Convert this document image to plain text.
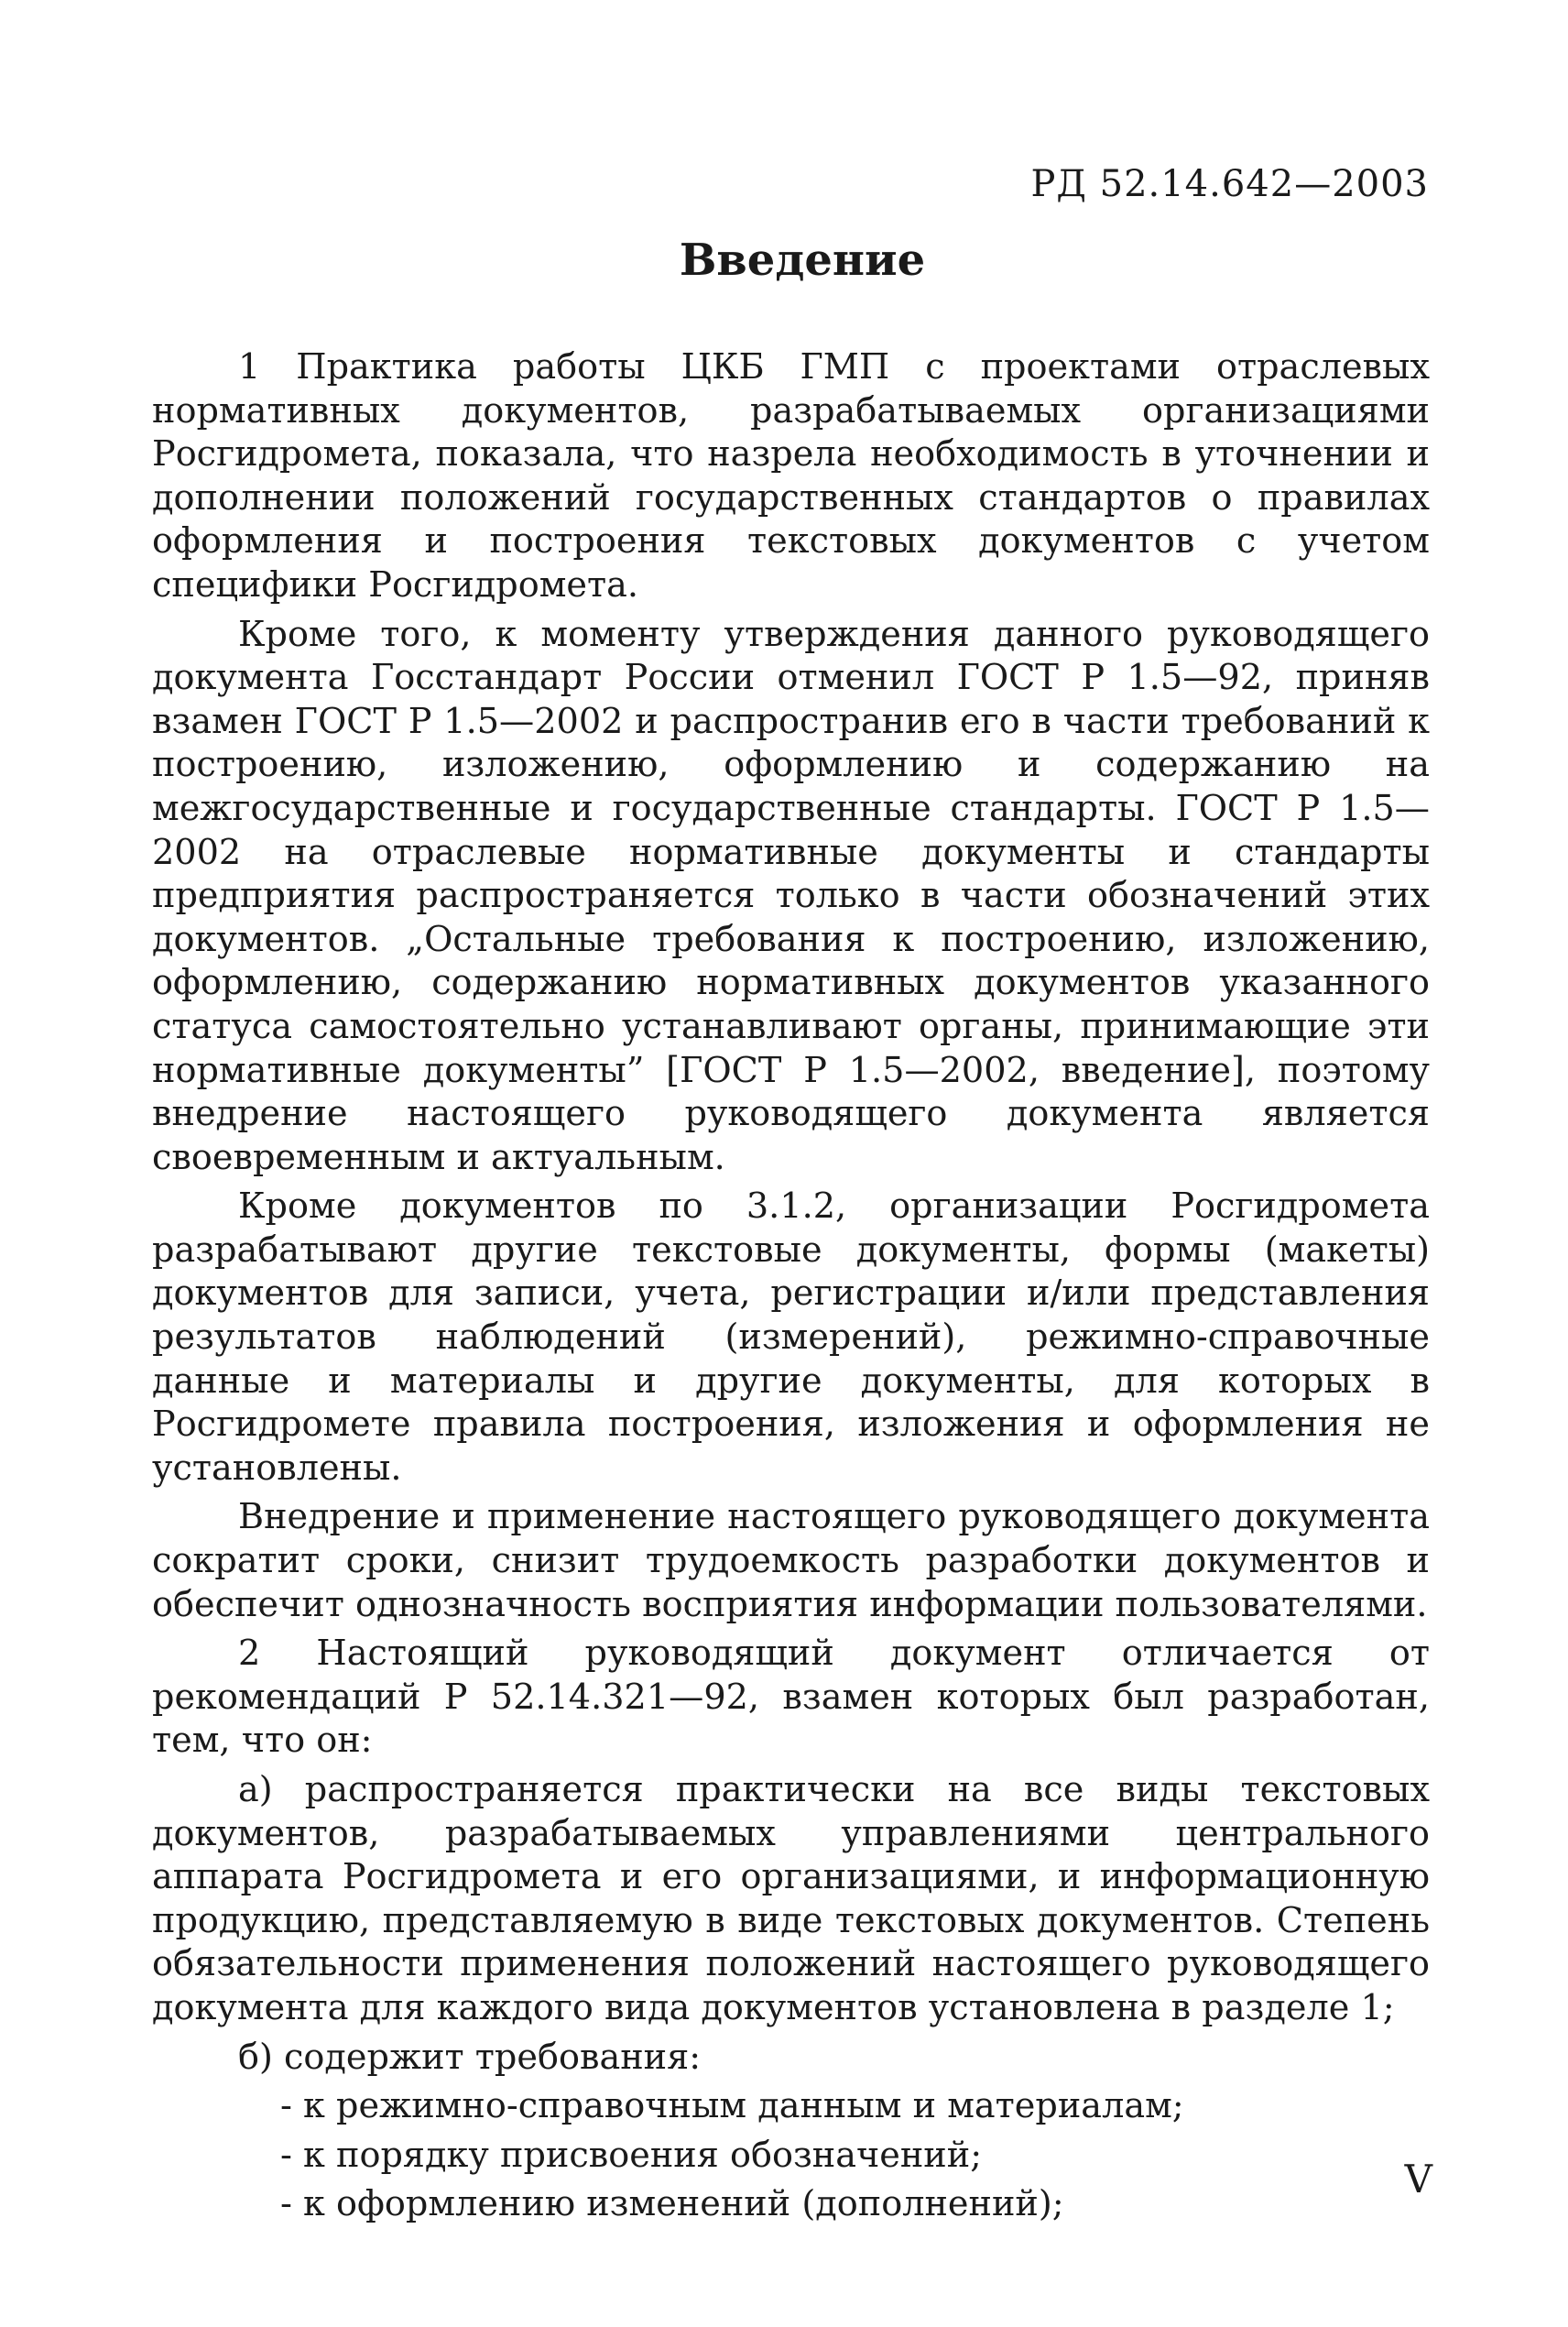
РД 52.14.642—2003
Введение

1 Практика работы ЦКБ ГМП с проектами отраслевых нормативных документов, разрабатываемых организациями Росгидромета, показала, что назрела необходимость в уточнении и дополнении положений государственных стандартов о правилах оформления и построения текстовых документов с учетом специфики Росгидромета.

Кроме того, к моменту утверждения данного руководящего документа Госстандарт России отменил ГОСТ Р 1.5—92, приняв взамен ГОСТ Р 1.5—2002 и распространив его в части требований к построению, изложению, оформлению и содержанию на межгосударственные и государственные стандарты. ГОСТ Р 1.5—2002 на отраслевые нормативные документы и стандарты предприятия распространяется только в части обозначений этих документов. „Остальные требования к построению, изложению, оформлению, содержанию нормативных документов указанного статуса самостоятельно устанавливают органы, принимающие эти нормативные документы” [ГОСТ Р 1.5—2002, введение], поэтому внедрение настоящего руководящего документа является своевременным и актуальным.

Кроме документов по 3.1.2, организации Росгидромета разрабатывают другие текстовые документы, формы (макеты) документов для записи, учета, регистрации и/или представления результатов наблюдений (измерений), режимно-справочные данные и материалы и другие документы, для которых в Росгидромете правила построения, изложения и оформления не установлены.

Внедрение и применение настоящего руководящего документа сократит сроки, снизит трудоемкость разработки документов и обеспечит однозначность восприятия информации пользователями.

2 Настоящий руководящий документ отличается от рекомендаций Р 52.14.321—92, взамен которых был разработан, тем, что он:

а) распространяется практически на все виды текстовых документов, разрабатываемых управлениями центрального аппарата Росгидромета и его организациями, и информационную продукцию, представляемую в виде текстовых документов. Степень обязательности применения положений настоящего руководящего документа для каждого вида документов установлена в разделе 1;

б) содержит требования:

- к режимно-справочным данным и материалам;

- к порядку присвоения обозначений;

- к оформлению изменений (дополнений);

V
